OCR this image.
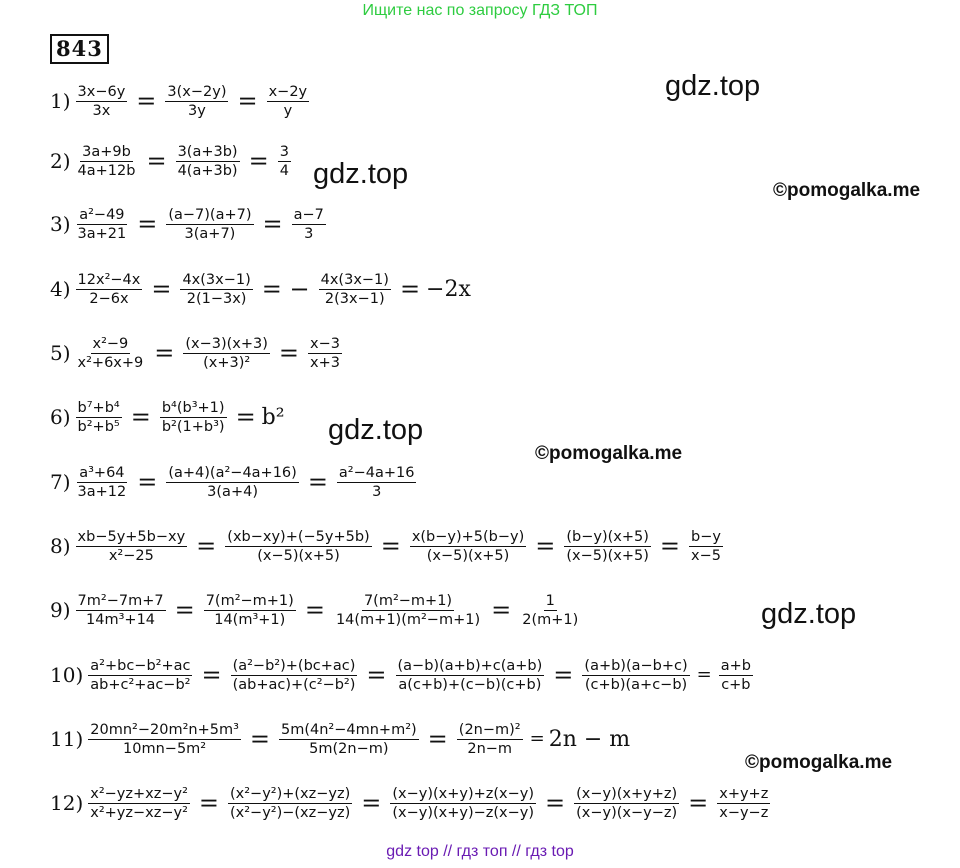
Ищите нас по запросу ГДЗ ТОП
843
gdz.top
gdz.top
©pomogalka.me
gdz.top
©pomogalka.me
gdz.top
©pomogalka.me
$1) \frac{3x-6y}{3x} = \frac{3(x-2y)}{3y} = \frac{x-2y}{y}$
$2) \frac{3a+9b}{4a+12b} = \frac{3(a+3b)}{4(a+3b)} = \frac{3}{4}$
$3) \frac{\text{a²−49}}{3a+21} = \frac{(a-7)(a+7)}{3(a+7)} = \frac{a-7}{3}$
$4) \frac{\text{12x²−4x}}{2-6x} = \frac{4x(3x-1)}{2(1-3x)}$ = − $\frac{4x(3x-1)}{2(3x-1)} = -2x$
$5) \frac{\text{x²−9}}{\text{x²+6x+9}} = \frac{(x-3)(x+3)}{\text{(x+3)²}} = \frac{x-3}{x+3}$
$6) \frac{\text{b⁷+b⁴}}{\text{b²+b⁵}} = \frac{\text{b⁴(b³+1)}}{\text{b²(1+b³)}} = b^2$
$7) \frac{\text{a³+64}}{3a+12} = \frac{\text{(a+4)(a²−4a+16)}}{3(a+4)} = \frac{\text{a²−4a+16}}{3}$
$8) \frac{xb-5y+5b-xy}{\text{x²−25}} = \frac{(xb-xy)+(-5y+5b)}{(x-5)(x+5)} = \frac{x(b-y)+5(b-y)}{(x-5)(x+5)} = \frac{(b-y)(x+5)}{(x-5)(x+5)} = \frac{b-y}{x-5}$
$9) \frac{\text{7m²−7m+7}}{\text{14m³+14}} = \frac{\text{7(m²−m+1)}}{\text{14(m³+1)}} = \frac{\text{7(m²−m+1)}}{\text{14(m+1)(m²−m+1)}} = \frac{1}{2(m+1)}$
$10) \frac{\text{a²+bc−b²+ac}}{\text{ab+c²+ac−b²}} = \frac{\text{(a²−b²)+(bc+ac)}}{\text{(ab+ac)+(c²−b²)}} = \frac{(a-b)(a+b)+c(a+b)}{a(c+b)+(c-b)(c+b)} = \frac{(a+b)(a-b+c)}{(c+b)(a+c-b)} = \frac{a+b}{c+b}$
$11) \frac{\text{20mn²−20m²n+5m³}}{\text{10mn−5m²}} = \frac{\text{5m(4n²−4mn+m²)}}{5m(2n-m)} = \frac{\text{(2n−m)²}}{2n-m} = 2n - m$
$12) \frac{\text{x²−yz+xz−y²}}{\text{x²+yz−xz−y²}} = \frac{\text{(x²−y²)+(xz−yz)}}{\text{(x²−y²)−(xz−yz)}} = \frac{(x-y)(x+y)+z(x-y)}{(x-y)(x+y)-z(x-y)} = \frac{(x-y)(x+y+z)}{(x-y)(x-y-z)} = \frac{x+y+z}{x-y-z}$
gdz top // гдз топ // гдз top
